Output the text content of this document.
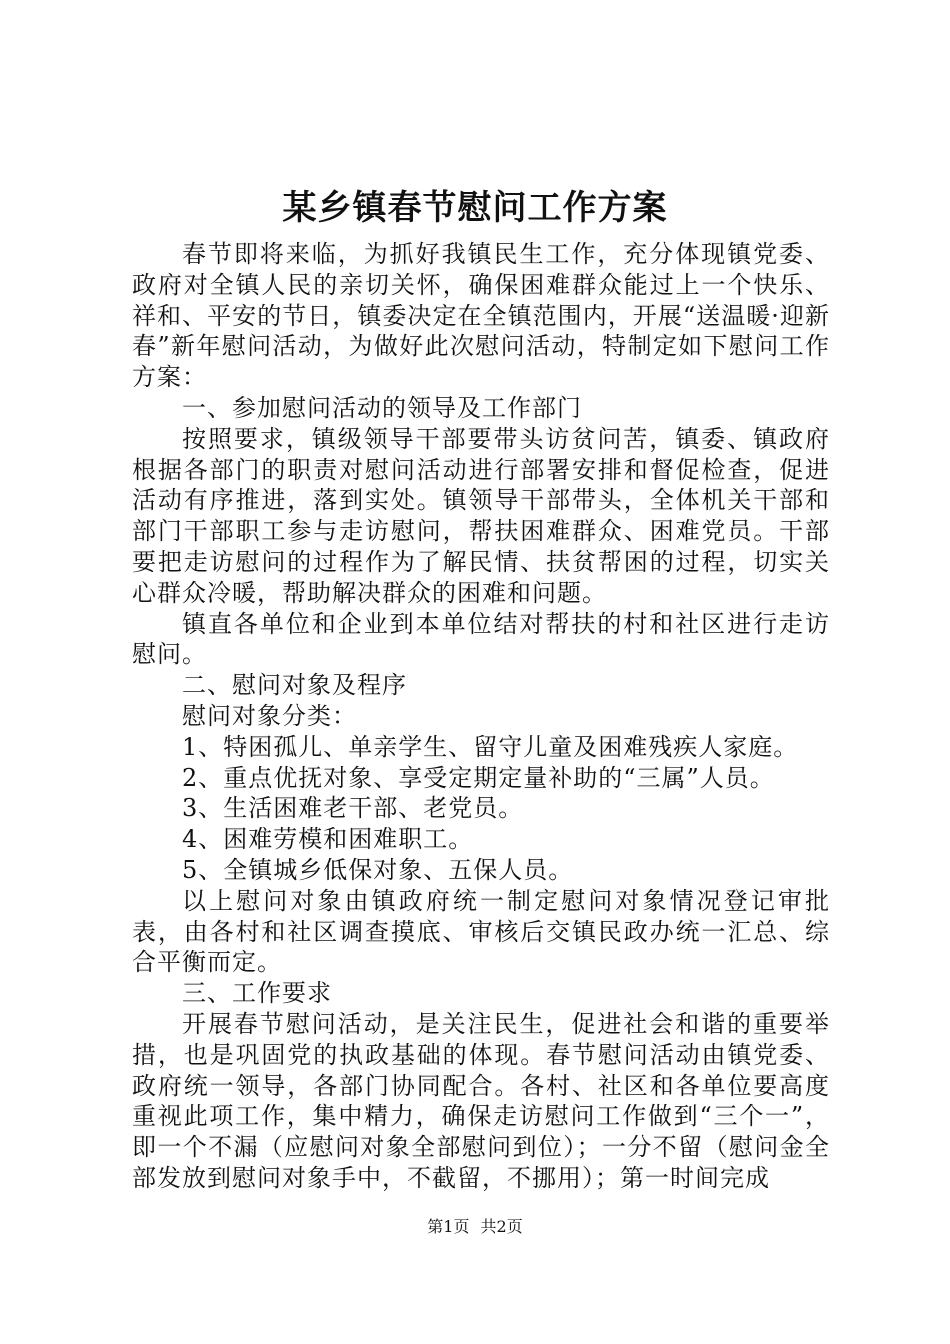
某乡镇春节慰问工作方案

春节即将来临，为抓好我镇民生工作，充分体现镇党委、政府对全镇人民的亲切关怀，确保困难群众能过上一个快乐、祥和、平安的节日，镇委决定在全镇范围内，开展“送温暖·迎新春”新年慰问活动，为做好此次慰问活动，特制定如下慰问工作方案：

一、参加慰问活动的领导及工作部门

按照要求，镇级领导干部要带头访贫问苦，镇委、镇政府根据各部门的职责对慰问活动进行部署安排和督促检查，促进活动有序推进，落到实处。镇领导干部带头，全体机关干部和部门干部职工参与走访慰问，帮扶困难群众、困难党员。干部要把走访慰问的过程作为了解民情、扶贫帮困的过程，切实关心群众冷暖，帮助解决群众的困难和问题。

镇直各单位和企业到本单位结对帮扶的村和社区进行走访慰问。

二、慰问对象及程序

慰问对象分类：

1、特困孤儿、单亲学生、留守儿童及困难残疾人家庭。

2、重点优抚对象、享受定期定量补助的“三属”人员。

3、生活困难老干部、老党员。

4、困难劳模和困难职工。

5、全镇城乡低保对象、五保人员。

以上慰问对象由镇政府统一制定慰问对象情况登记审批表，由各村和社区调查摸底、审核后交镇民政办统一汇总、综合平衡而定。

三、工作要求

开展春节慰问活动，是关注民生，促进社会和谐的重要举措，也是巩固党的执政基础的体现。春节慰问活动由镇党委、政府统一领导，各部门协同配合。各村、社区和各单位要高度重视此项工作，集中精力，确保走访慰问工作做到“三个一”，即一个不漏（应慰问对象全部慰问到位）；一分不留（慰问金全部发放到慰问对象手中，不截留，不挪用）；第一时间完成

第1页 共2页
